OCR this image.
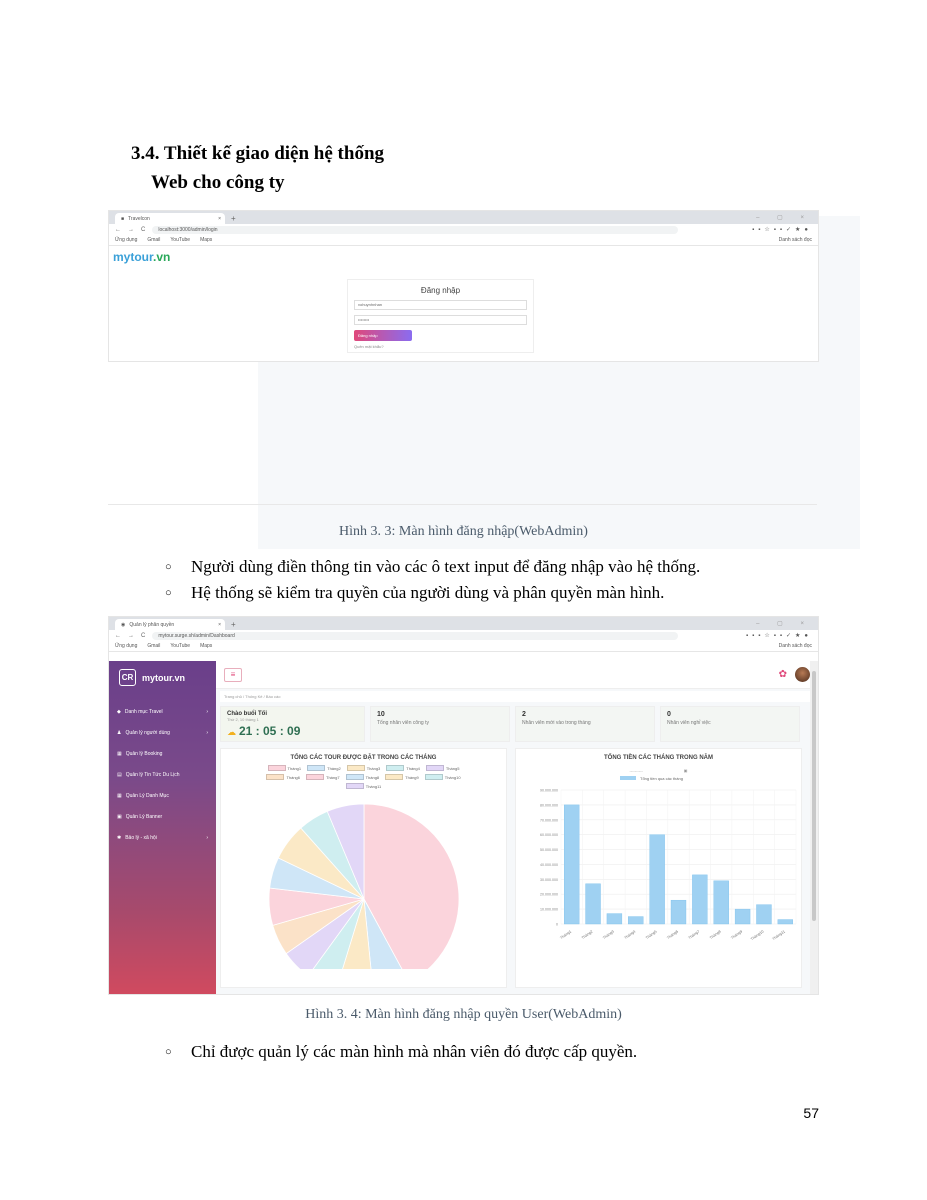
3.4. Thiết kế giao diện hệ thống
Web cho công ty
■ Travelcon	× +	– ▢ ×
← → C	localhost:3000/admin/login	▪▪☆▪▪✓★●
Ứng dụng Gmail YouTube Maps	Danh sách đọc
mytour.vn
Đăng nhập
vohuynhnhan
••••••••
Đăng nhập
Quên mật khẩu?
Hình 3. 3: Màn hình đăng nhập(WebAdmin)
○ Người dùng điền thông tin vào các ô text input để đăng nhập vào hệ thống.
○ Hệ thống sẽ kiểm tra quyền của người dùng và phân quyền màn hình.
◉ Quản lý phân quyền	× +	– ▢ ×
← → C	mytour.surge.sh/admin/Dashboard	▪▪▪☆▪▪✓★●
Ứng dụng Gmail YouTube Maps	Danh sách đọc
CR mytour.vn
◆ Danh mục Travel	›
♟ Quản lý người dùng	›
▦ Quản lý Booking
▤ Quản lý Tin Tức Du Lịch
▦ Quản Lý Danh Mục
▣ Quản Lý Banner
✱ Bảo lý - xã hội	›
≡	✿
Trang chủ / Thống Kê / Báo cáo
Chào buổi Tối
Thứ 2, 10 tháng 1
☁ 21 : 05 : 09
10
Tổng nhân viên công ty
2
Nhân viên mới vào trong tháng
0
Nhân viên nghỉ việc
TỔNG CÁC TOUR ĐƯỢC ĐẶT TRONG CÁC THÁNG
Tháng1	Tháng2	Tháng3	Tháng4	Tháng5
Tháng6	Tháng7	Tháng8	Tháng9	Tháng10
Tháng11
TỔNG TIỀN CÁC THÁNG TRONG NĂM
----------	▣
Tổng tiền qua các tháng
0
10.000.000
20.000.000
30.000.000
40.000.000
50.000.000
60.000.000
70.000.000
80.000.000
90.000.000
Tháng1 Tháng2 Tháng3 Tháng4 Tháng5 Tháng6 Tháng7 Tháng8 Tháng9 Tháng10 Tháng11
Hình 3. 4: Màn hình đăng nhập quyền User(WebAdmin)
○ Chỉ được quản lý các màn hình mà nhân viên đó được cấp quyền.
57
